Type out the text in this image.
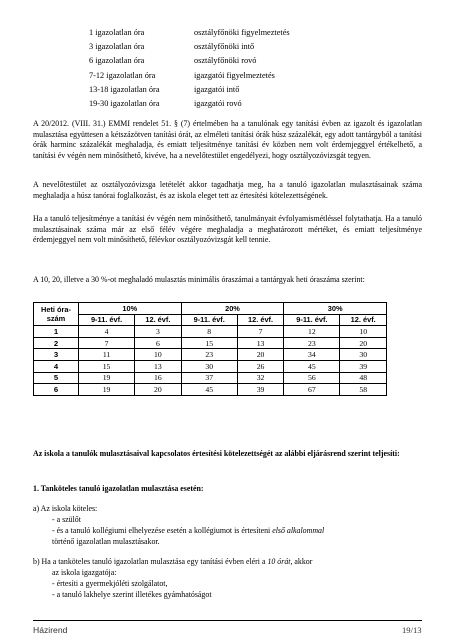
1 igazolatlan óra	osztályfőnöki figyelmeztetés
3 igazolatlan óra	osztályfőnöki intő
6 igazolatlan óra	osztályfőnöki rovó
7-12 igazolatlan óra	igazgatói figyelmeztetés
13-18 igazolatlan óra	igazgatói intő
19-30 igazolatlan óra	igazgatói rovó

A 20/2012. (VIII. 31.) EMMI rendelet 51. § (7) értelmében ha a tanulónak egy tanítási évben az igazolt és igazolatlan mulasztása együttesen a kétszázötven tanítási órát, az elméleti tanítási órák húsz százalékát, egy adott tantárgyból a tanítási órák harminc százalékát meghaladja, és emiatt teljesítménye tanítási év közben nem volt érdemjeggyel értékelhető, a tanítási év végén nem minősíthető, kivéve, ha a nevelőtestület engedélyezi, hogy osztályozóvizsgát tegyen.

A nevelőtestület az osztályozóvizsga letételét akkor tagadhatja meg, ha a tanuló igazolatlan mulasztásainak száma meghaladja a húsz tanórai foglalkozást, és az iskola eleget tett az értesítési kötelezettségének.

Ha a tanuló teljesítménye a tanítási év végén nem minősíthető, tanulmányait évfolyamismétléssel folytathatja. Ha a tanuló mulasztásainak száma már az első félév végére meghaladja a meghatározott mértéket, és emiatt teljesítménye érdemjeggyel nem volt minősíthető, félévkor osztályozóvizsgát kell tennie.

A 10, 20, illetve a 30 %-ot meghaladó mulasztás minimális óraszámai a tantárgyak heti óraszáma szerint:

Heti óra-szám	10%		20%		30%	
	9-11. évf.	12. évf.	9-11. évf.	12. évf.	9-11. évf.	12. évf.
1	4	3	8	7	12	10
2	7	6	15	13	23	20
3	11	10	23	20	34	30
4	15	13	30	26	45	39
5	19	16	37	32	56	48
6	19	20	45	39	67	58

Az iskola a tanulók mulasztásaival kapcsolatos értesítési kötelezettségét az alábbi eljárásrend szerint teljesíti:

1. Tanköteles tanuló igazolatlan mulasztása esetén:

a) Az iskola köteles:

- a szülőt

- és a tanuló kollégiumi elhelyezése esetén a kollégiumot is értesíteni első alkalommal

történő igazolatlan mulasztásakor.

b) Ha a tanköteles tanuló igazolatlan mulasztása egy tanítási évben eléri a 10 órát, akkor

az iskola igazgatója:

- értesíti a gyermekjóléti szolgálatot,

- a tanuló lakhelye szerint illetékes gyámhatóságot

Házirend	19/13
